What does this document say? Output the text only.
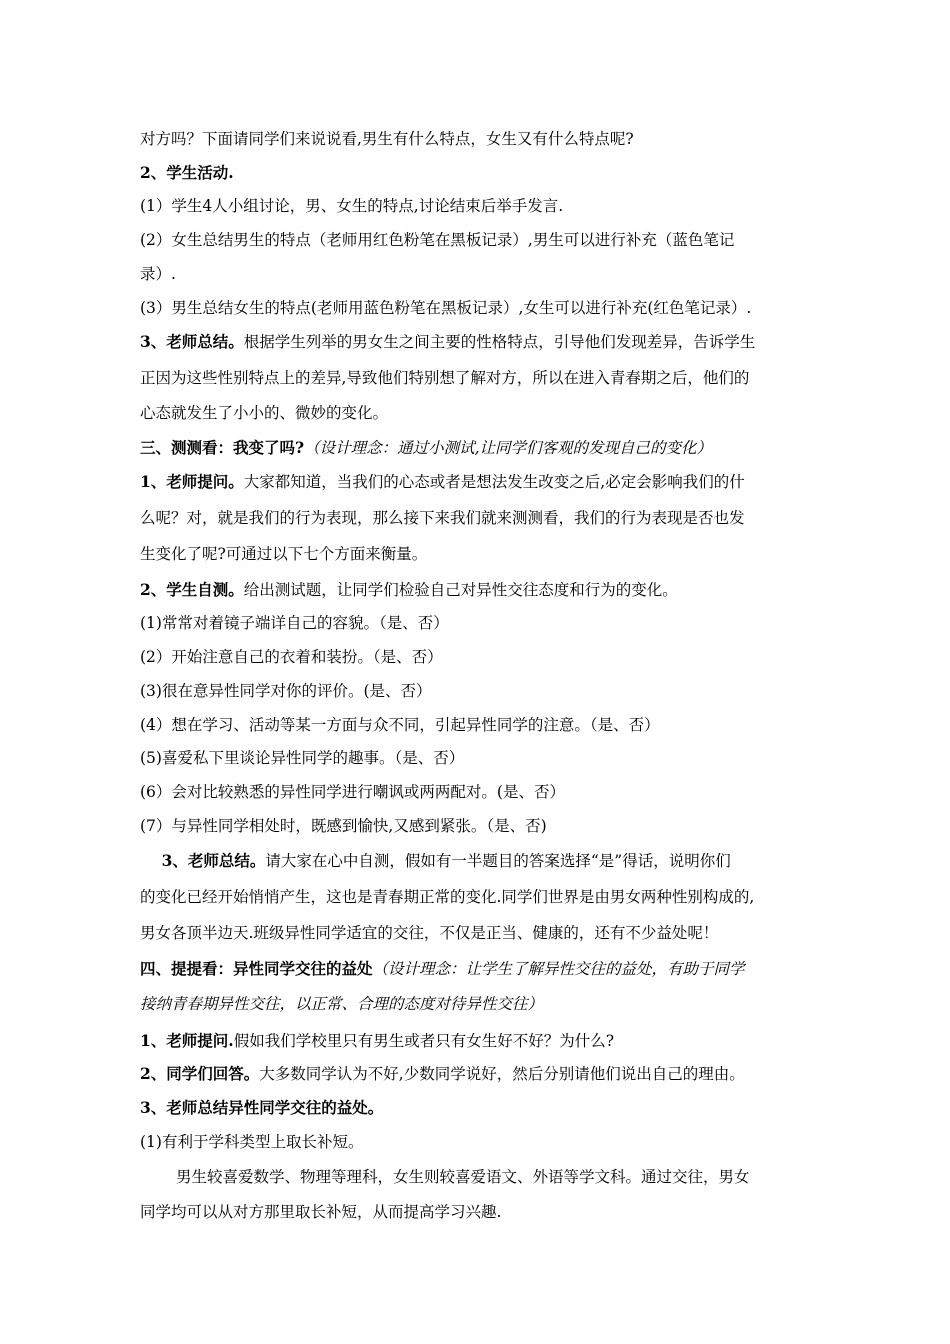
对方吗？下面请同学们来说说看,男生有什么特点，女生又有什么特点呢?
2、学生活动.
(1）学生4人小组讨论，男、女生的特点,讨论结束后举手发言.
(2）女生总结男生的特点（老师用红色粉笔在黑板记录）,男生可以进行补充（蓝色笔记
录）.
(3）男生总结女生的特点(老师用蓝色粉笔在黑板记录）,女生可以进行补充(红色笔记录）.
3、老师总结。根据学生列举的男女生之间主要的性格特点，引导他们发现差异，告诉学生
正因为这些性别特点上的差异,导致他们特别想了解对方，所以在进入青春期之后，他们的
心态就发生了小小的、微妙的变化。
三、测测看：我变了吗?（设计理念：通过小测试,让同学们客观的发现自己的变化）
1、老师提问。大家都知道，当我们的心态或者是想法发生改变之后,必定会影响我们的什
么呢？对，就是我们的行为表现，那么接下来我们就来测测看，我们的行为表现是否也发
生变化了呢?可通过以下七个方面来衡量。
2、学生自测。给出测试题，让同学们检验自己对异性交往态度和行为的变化。
(1)常常对着镜子端详自己的容貌。（是、否）
(2）开始注意自己的衣着和装扮。（是、否）
(3)很在意异性同学对你的评价。(是、否）
(4）想在学习、活动等某一方面与众不同，引起异性同学的注意。（是、否）
(5)喜爱私下里谈论异性同学的趣事。（是、否）
(6）会对比较熟悉的异性同学进行嘲讽或两两配对。(是、否）
(7）与异性同学相处时，既感到愉快,又感到紧张。（是、否)
3、老师总结。请大家在心中自测，假如有一半题目的答案选择“是”得话，说明你们
的变化已经开始悄悄产生，这也是青春期正常的变化.同学们世界是由男女两种性别构成的,
男女各顶半边天.班级异性同学适宜的交往，不仅是正当、健康的，还有不少益处呢！
四、提提看：异性同学交往的益处（设计理念：让学生了解异性交往的益处，有助于同学
接纳青春期异性交往，以正常、合理的态度对待异性交往）
1、老师提问.假如我们学校里只有男生或者只有女生好不好？为什么?
2、同学们回答。大多数同学认为不好,少数同学说好，然后分别请他们说出自己的理由。
3、老师总结异性同学交往的益处。
(1)有利于学科类型上取长补短。
男生较喜爱数学、物理等理科，女生则较喜爱语文、外语等学文科。通过交往，男女
同学均可以从对方那里取长补短，从而提高学习兴趣.
